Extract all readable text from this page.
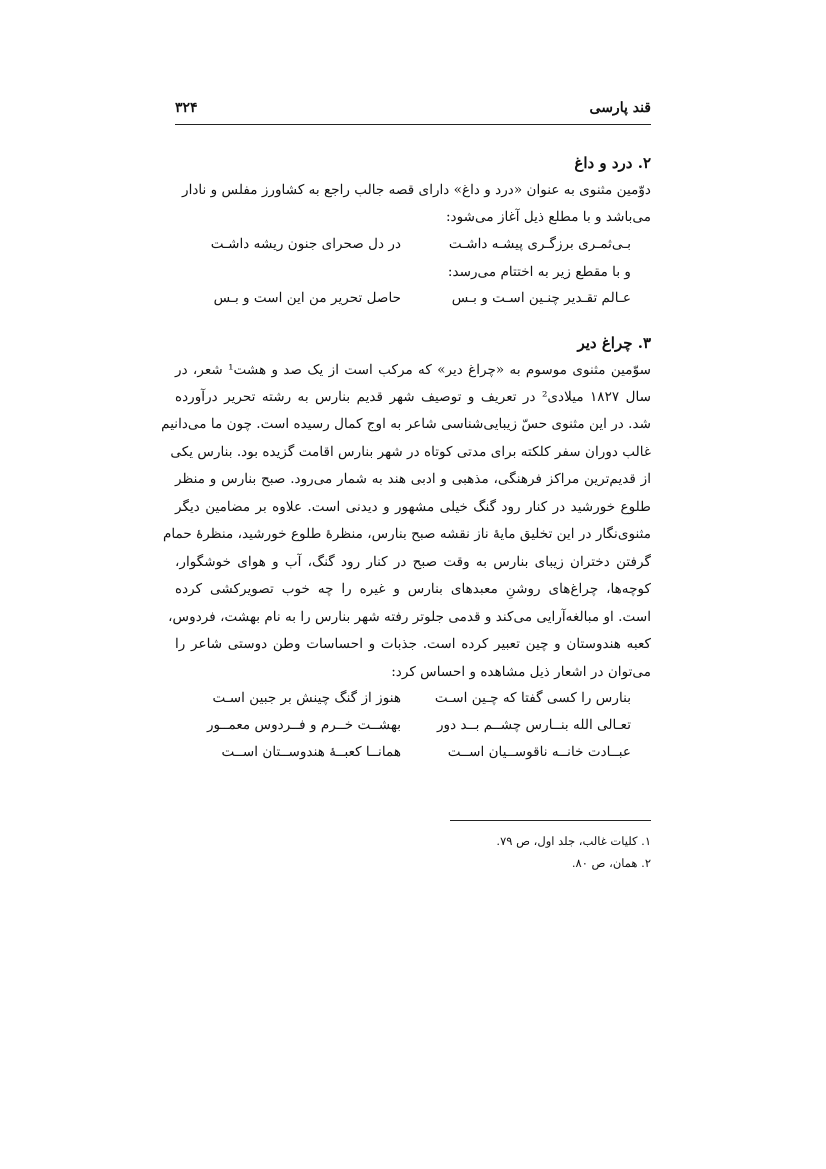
قند پارسی
۳۲۴
۲. درد و داغ
دوّمین مثنوی به عنوان «درد و داغ» دارای قصه جالب راجع به کشاورز مفلس و نادار
می‌باشد و با مطلع ذیل آغاز می‌شود:
بـی‌ثمـری برزگـری پیشـه داشـت
در دل صحرای جنون ریشه داشـت
و با مقطع زیر به اختتام می‌رسد:
عـالم تقـدیر چنـین اسـت و بـس
حاصل تحریر من این است و بـس
۳. چراغ دیر
سوّمین مثنوی موسوم به «چراغ دیر» که مرکب است از یک صد و هشت¹ شعر، در
سال ۱۸۲۷ میلادی² در تعریف و توصیف شهر قدیم بنارس به رشته تحریر درآورده
شد. در این مثنوی حسّ زیبایی‌شناسی شاعر به اوج کمال رسیده است. چون ما می‌دانیم
غالب دوران سفر کلکته برای مدتی کوتاه در شهر بنارس اقامت گزیده بود. بنارس یکی
از قدیم‌ترین مراکز فرهنگی، مذهبی و ادبی هند به شمار می‌رود. صبح بنارس و منظر
طلوع خورشید در کنار رود گنگ خیلی مشهور و دیدنی است. علاوه بر مضامین دیگر
مثنوی‌نگار در این تخلیق مایهٔ ناز نقشه صبح بنارس، منظرهٔ طلوع خورشید، منظرهٔ حمام
گرفتن دختران زیبای بنارس به وقت صبح در کنار رود گنگ، آب و هوای خوشگوار،
کوچه‌ها، چراغ‌های روشنِ معبدهای بنارس و غیره را چه خوب تصویرکشی کرده
است. او مبالغه‌آرایی می‌کند و قدمی جلوتر رفته شهر بنارس را به نام بهشت، فردوس،
کعبه هندوستان و چین تعبیر کرده است. جذبات و احساسات وطن دوستی شاعر را
می‌توان در اشعار ذیل مشاهده و احساس کرد:
بنارس را کسی گفتا که چـین اسـت
هنوز از گنگ چینش بر جبین اسـت
تعـالی الله بنــارس چشــم بــد دور
بهشــت خــرم و فــردوس معمــور
عبــادت خانــه ناقوســیان اســت
همانــا کعبــهٔ هندوســتان اســت
۱. کلیات غالب، جلد اول، ص ۷۹.
۲. همان، ص ۸۰.
